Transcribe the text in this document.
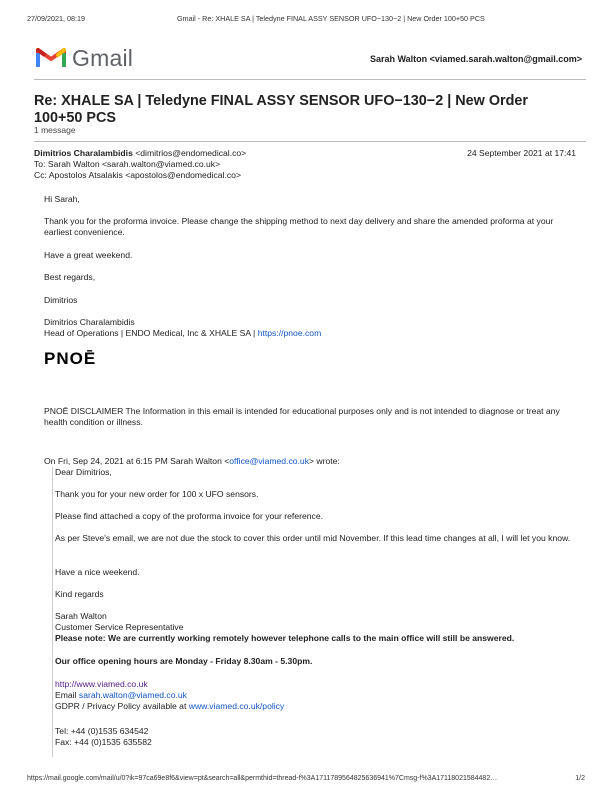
27/09/2021, 08:19	Gmail - Re: XHALE SA | Teledyne FINAL ASSY SENSOR UFO−130−2 | New Order 100+50 PCS
Gmail	Sarah Walton <viamed.sarah.walton@gmail.com>
Re: XHALE SA | Teledyne FINAL ASSY SENSOR UFO−130−2 | New Order 100+50 PCS
1 message
Dimitrios Charalambidis <dimitrios@endomedical.co>	24 September 2021 at 17:41
To: Sarah Walton <sarah.walton@viamed.co.uk>
Cc: Apostolos Atsalakis <apostolos@endomedical.co>
Hi Sarah,
Thank you for the proforma invoice. Please change the shipping method to next day delivery and share the amended proforma at your earliest convenience.
Have a great weekend.
Best regards,
Dimitrios
Dimitrios Charalambidis
Head of Operations | ENDO Medical, Inc & XHALE SA | https://pnoe.com
PNOĒ
PNOĒ DISCLAIMER The Information in this email is intended for educational purposes only and is not intended to diagnose or treat any health condition or illness.
On Fri, Sep 24, 2021 at 6:15 PM Sarah Walton <office@viamed.co.uk> wrote:
Dear Dimitrios,
Thank you for your new order for 100 x UFO sensors.
Please find attached a copy of the proforma invoice for your reference.
As per Steve's email, we are not due the stock to cover this order until mid November. If this lead time changes at all, I will let you know.
Have a nice weekend.
Kind regards
Sarah Walton
Customer Service Representative
Please note: We are currently working remotely however telephone calls to the main office will still be answered.
Our office opening hours are Monday - Friday 8.30am - 5.30pm.
http://www.viamed.co.uk
Email sarah.walton@viamed.co.uk
GDPR / Privacy Policy available at www.viamed.co.uk/policy
Tel: +44 (0)1535 634542
Fax: +44 (0)1535 635582
https://mail.google.com/mail/u/0?ik=97ca69e8f6&view=pt&search=all&permthid=thread-f%3A1711789564825636941%7Cmsg-f%3A17118021584482…	1/2
